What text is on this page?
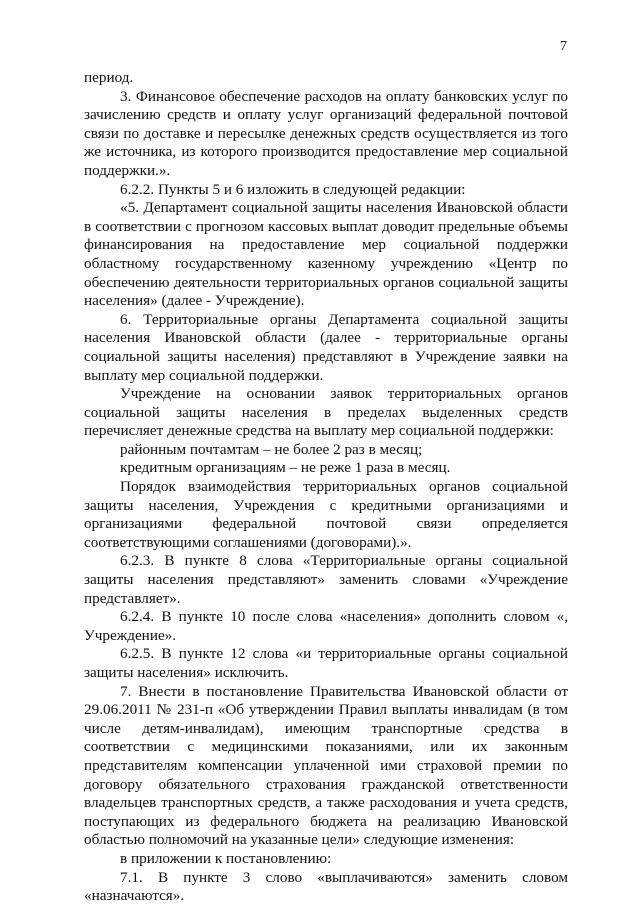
7

период.

3. Финансовое обеспечение расходов на оплату банковских услуг по зачислению средств и оплату услуг организаций федеральной почтовой связи по доставке и пересылке денежных средств осуществляется из того же источника, из которого производится предоставление мер социальной поддержки.».

6.2.2. Пункты 5 и 6 изложить в следующей редакции:

«5. Департамент социальной защиты населения Ивановской области в соответствии с прогнозом кассовых выплат доводит предельные объемы финансирования на предоставление мер социальной поддержки областному государственному казенному учреждению «Центр по обеспечению деятельности территориальных органов социальной защиты населения» (далее - Учреждение).

6. Территориальные органы Департамента социальной защиты населения Ивановской области (далее - территориальные органы социальной защиты населения) представляют в Учреждение заявки на выплату мер социальной поддержки.

Учреждение на основании заявок территориальных органов социальной защиты населения в пределах выделенных средств перечисляет денежные средства на выплату мер социальной поддержки:

районным почтамтам – не более 2 раз в месяц;

кредитным организациям – не реже 1 раза в месяц.

Порядок взаимодействия территориальных органов социальной защиты населения, Учреждения с кредитными организациями и организациями федеральной почтовой связи определяется соответствующими соглашениями (договорами).».

6.2.3. В пункте 8 слова «Территориальные органы социальной защиты населения представляют» заменить словами «Учреждение представляет».

6.2.4. В пункте 10 после слова «населения» дополнить словом «, Учреждение».

6.2.5. В пункте 12 слова «и территориальные органы социальной защиты населения» исключить.

7. Внести в постановление Правительства Ивановской области от 29.06.2011 № 231-п «Об утверждении Правил выплаты инвалидам (в том числе детям-инвалидам), имеющим транспортные средства в соответствии с медицинскими показаниями, или их законным представителям компенсации уплаченной ими страховой премии по договору обязательного страхования гражданской ответственности владельцев транспортных средств, а также расходования и учета средств, поступающих из федерального бюджета на реализацию Ивановской областью полномочий на указанные цели» следующие изменения:

в приложении к постановлению:

7.1. В пункте 3 слово «выплачиваются» заменить словом «назначаются».
